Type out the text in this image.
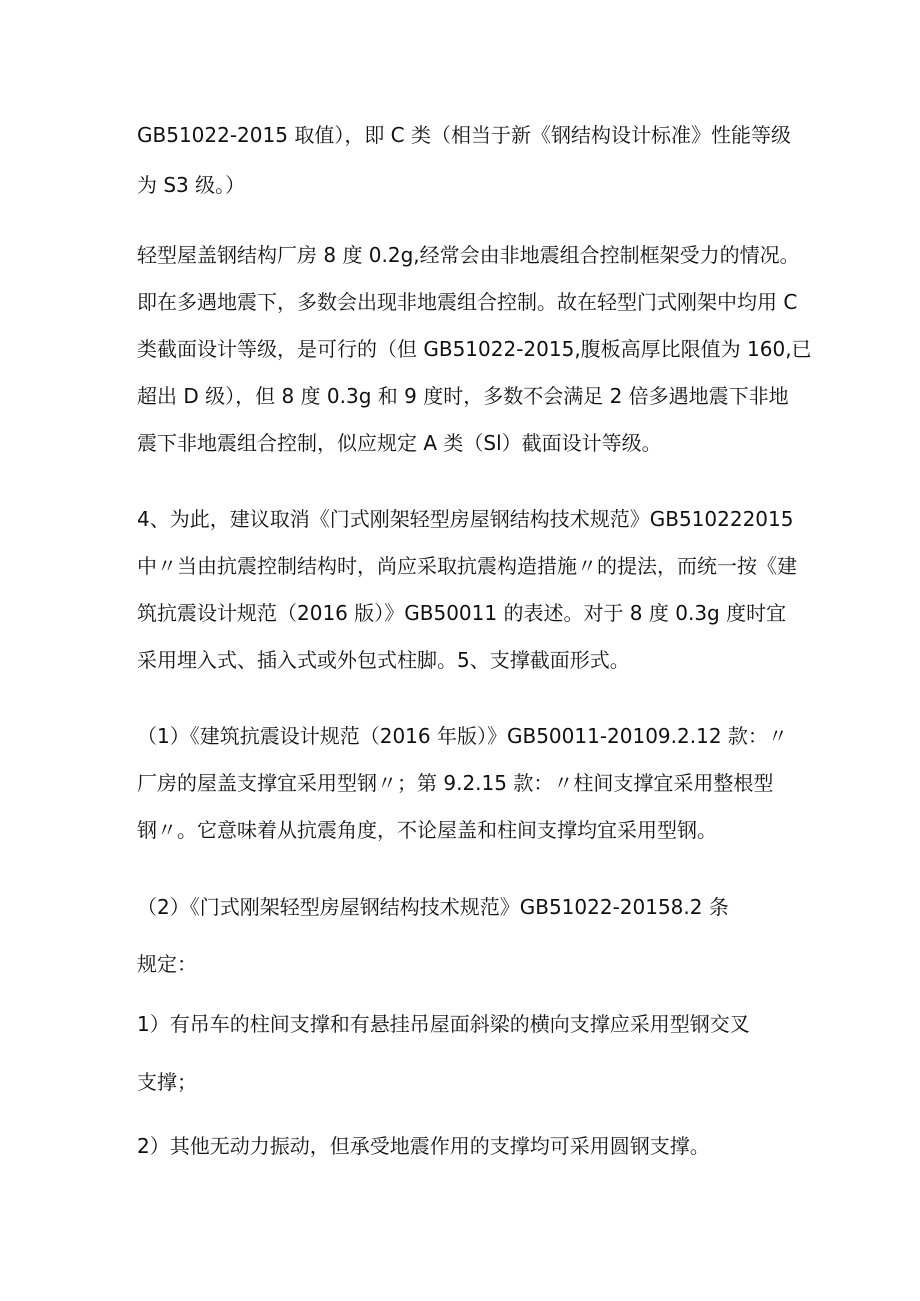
GB51022-2015 取值），即 C 类（相当于新《钢结构设计标准》性能等级

为 S3 级。）

轻型屋盖钢结构厂房 8 度 0.2g,经常会由非地震组合控制框架受力的情况。

即在多遇地震下，多数会出现非地震组合控制。故在轻型门式刚架中均用 C

类截面设计等级，是可行的（但 GB51022-2015,腹板高厚比限值为 160,已

超出 D 级），但 8 度 0.3g 和 9 度时，多数不会满足 2 倍多遇地震下非地

震下非地震组合控制，似应规定 A 类（Sl）截面设计等级。

4、为此，建议取消《门式刚架轻型房屋钢结构技术规范》GB510222015

中〃当由抗震控制结构时，尚应采取抗震构造措施〃的提法，而统一按《建

筑抗震设计规范（2016 版）》GB50011 的表述。对于 8 度 0.3g 度时宜

采用埋入式、插入式或外包式柱脚。5、支撑截面形式。

（1）《建筑抗震设计规范（2016 年版）》GB50011-20109.2.12 款：〃

厂房的屋盖支撑宜采用型钢〃；第 9.2.15 款：〃柱间支撑宜采用整根型

钢〃。它意味着从抗震角度，不论屋盖和柱间支撑均宜采用型钢。

（2）《门式刚架轻型房屋钢结构技术规范》GB51022-20158.2 条

规定：

1）有吊车的柱间支撑和有悬挂吊屋面斜梁的横向支撑应采用型钢交叉

支撑；

2）其他无动力振动，但承受地震作用的支撑均可采用圆钢支撑。
